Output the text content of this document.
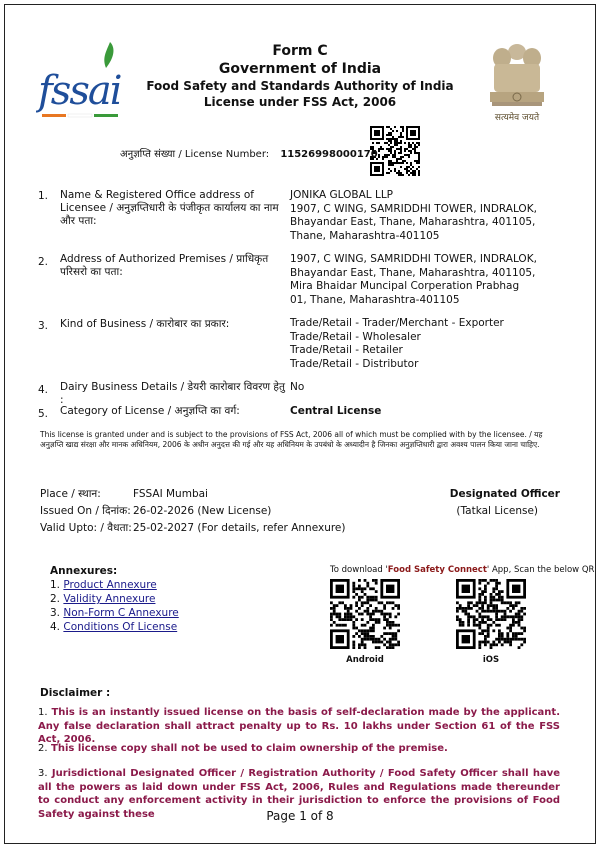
fssai
Form C
Government of India
Food Safety and Standards Authority of India
License under FSS Act, 2006
सत्यमेव जयते
अनुज्ञप्ति संख्या / License Number: 11526998000170
1. Name & Registered Office address of Licensee / अनुज्ञप्तिधारी के पंजीकृत कार्यालय का नाम और पता:
JONIKA GLOBAL LLP
1907, C WING, SAMRIDDHI TOWER, INDRALOK,
Bhayandar East, Thane, Maharashtra, 401105,
Thane, Maharashtra-401105
2. Address of Authorized Premises / प्राधिकृत परिसरो का पता:
1907, C WING, SAMRIDDHI TOWER, INDRALOK,
Bhayandar East, Thane, Maharashtra, 401105,
Mira Bhaidar Muncipal Corperation Prabhag
01, Thane, Maharashtra-401105
3. Kind of Business / कारोबार का प्रकार:	Trade/Retail - Trader/Merchant - Exporter
Trade/Retail - Wholesaler
Trade/Retail - Retailer
Trade/Retail - Distributor
4. Dairy Business Details / डेयरी कारोबार विवरण हेतु :
No
5. Category of License / अनुज्ञप्ति का वर्ग:	Central License
This license is granted under and is subject to the provisions of FSS Act, 2006 all of which must be complied with by the licensee. / यह अनुज्ञप्ति खाद्य संरक्षा और मानक अधिनियम, 2006 के अधीन अनुदत्त की गई और यह अधिनियम के उपबंधो के अध्यादीन है जिनका अनुज्ञप्तिधारी द्वारा अवश्य पालन किया जाना चाहिए.
Place / स्थान:	FSSAI Mumbai
Issued On / दिनांक: 26-02-2026 (New License)
Valid Upto: / वैधता: 25-02-2027 (For details, refer Annexure)
Designated Officer
(Tatkal License)
Annexures:
1. Product Annexure
2. Validity Annexure
3. Non-Form C Annexure
4. Conditions Of License
To download 'Food Safety Connect' App, Scan the below QR
Android	iOS
Disclaimer :
1. This is an instantly issued license on the basis of self-declaration made by the applicant. Any false declaration shall attract penalty up to Rs. 10 lakhs under Section 61 of the FSS Act, 2006.
2. This license copy shall not be used to claim ownership of the premise.
3. Jurisdictional Designated Officer / Registration Authority / Food Safety Officer shall have all the powers as laid down under FSS Act, 2006, Rules and Regulations made thereunder to conduct any enforcement activity in their jurisdiction to enforce the provisions of Food Safety against these	Page 1 of 8
